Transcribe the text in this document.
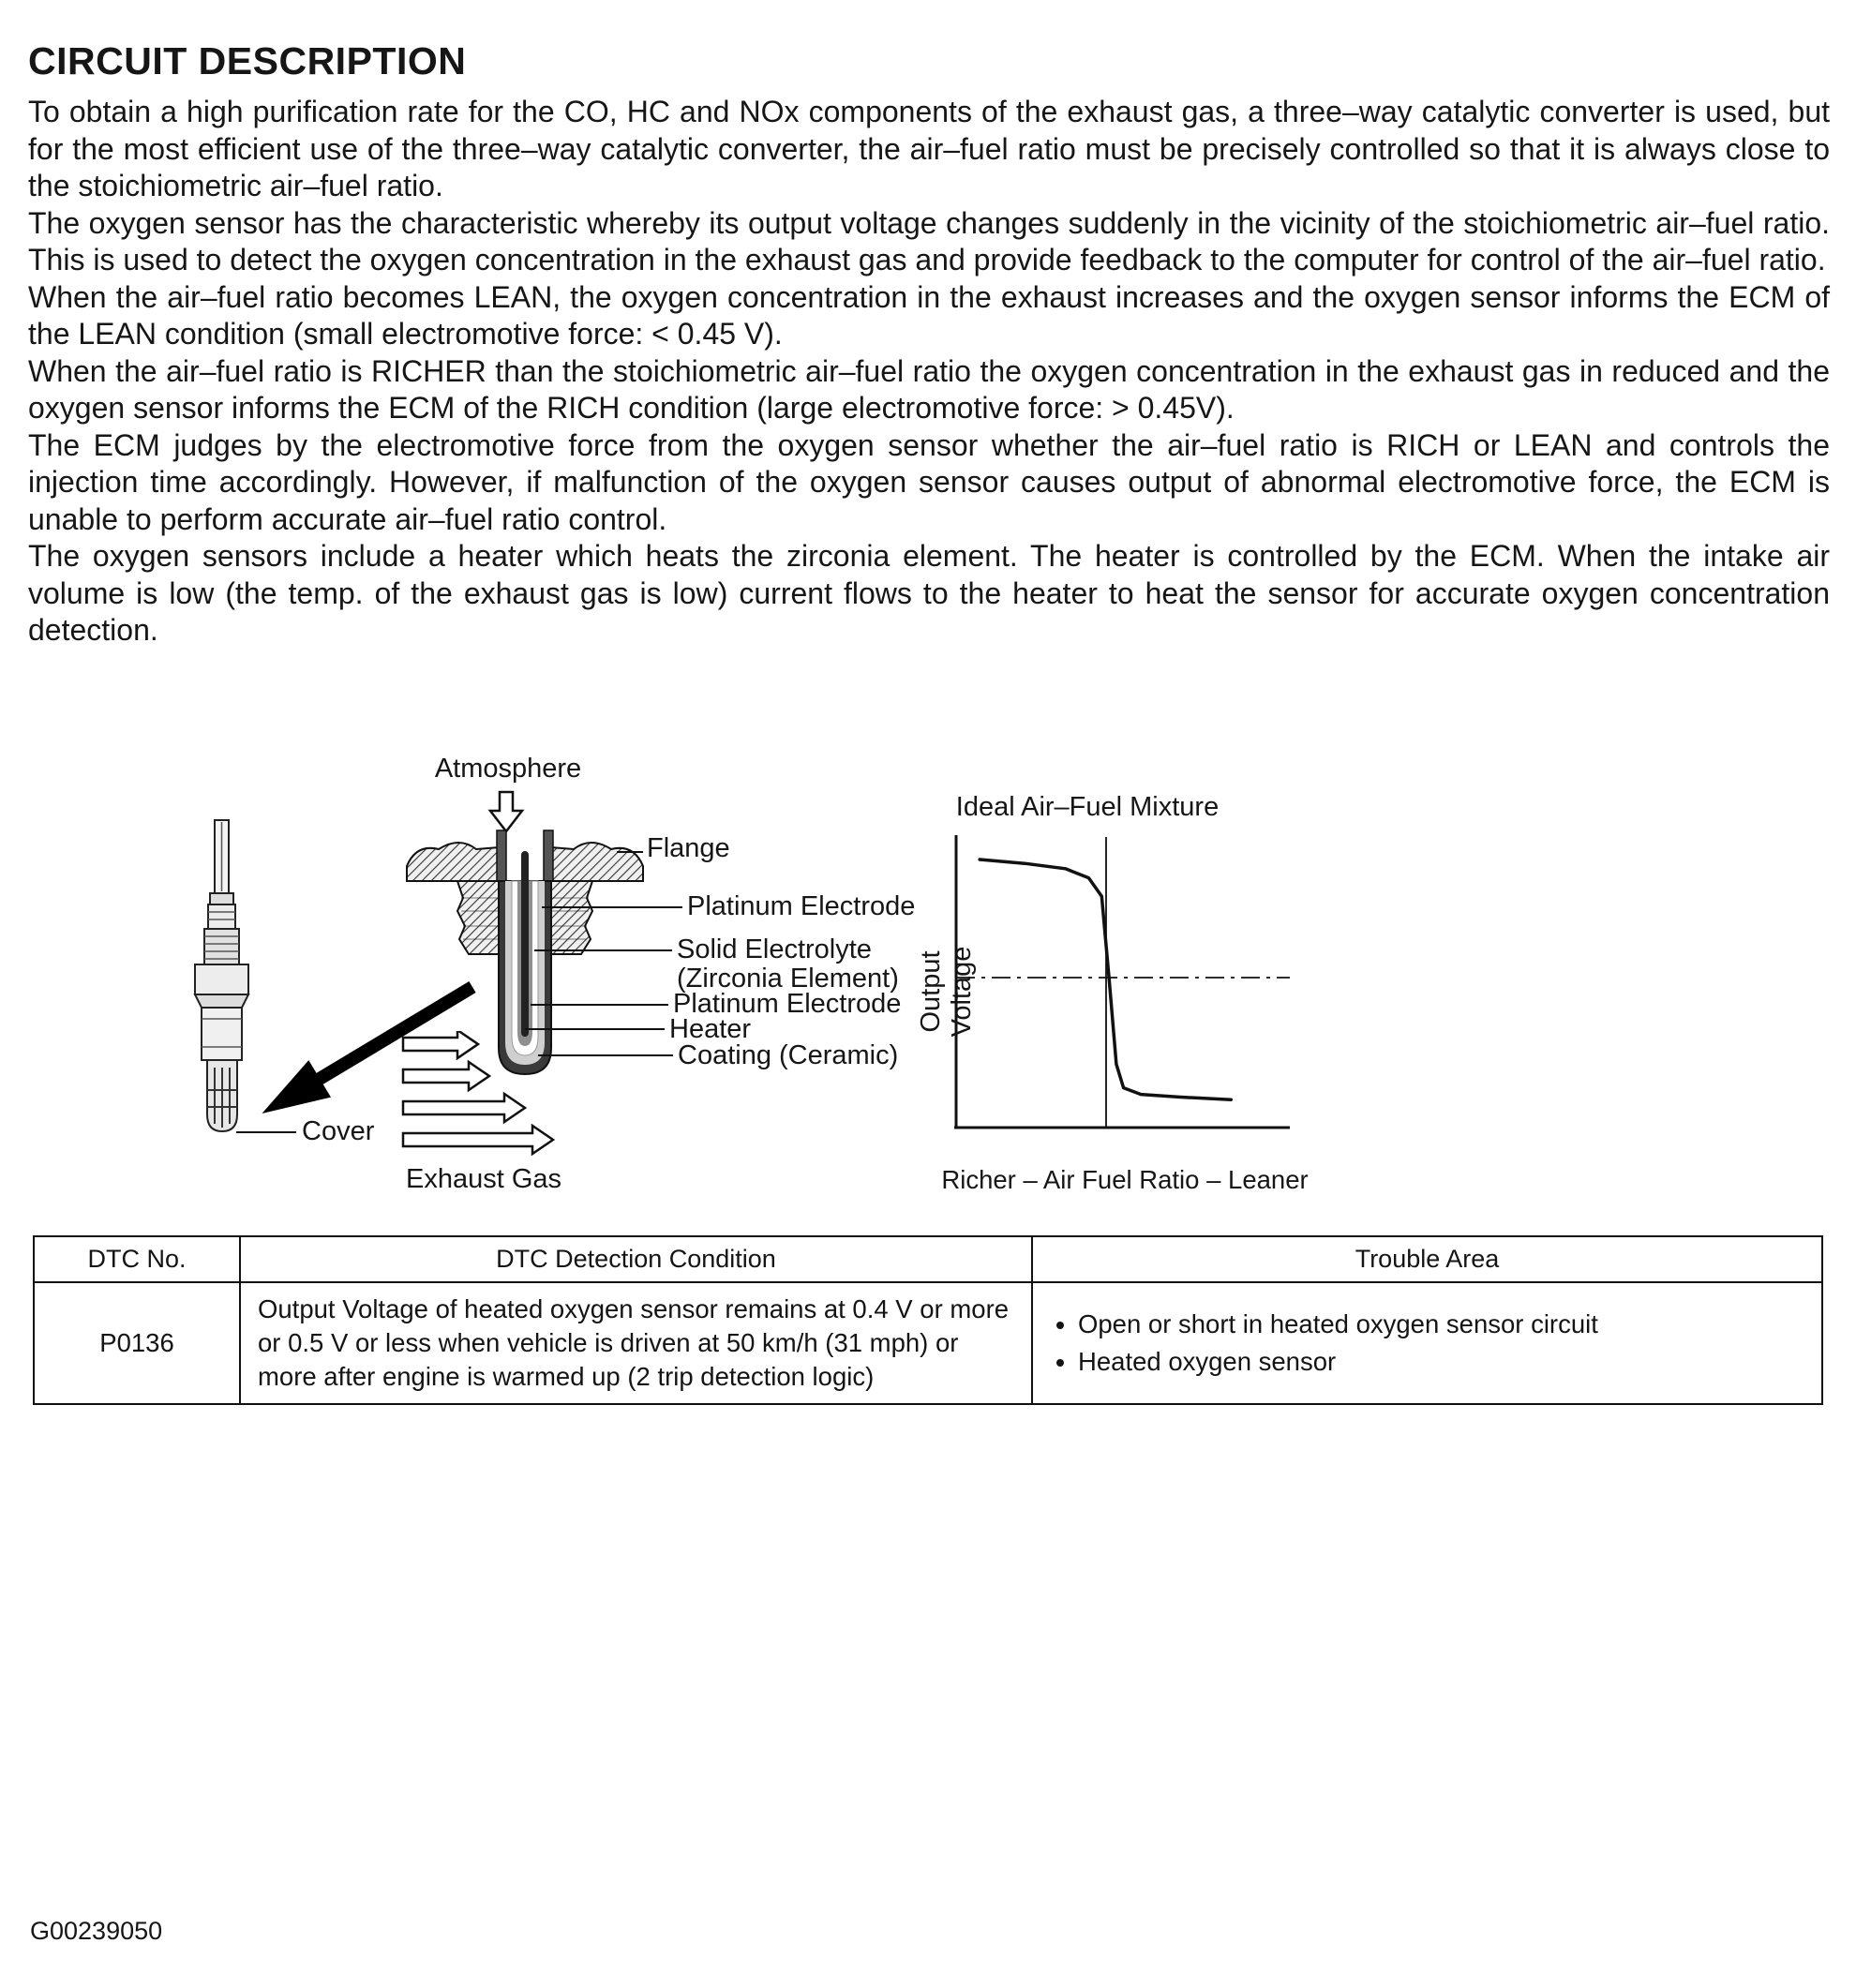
CIRCUIT DESCRIPTION

To obtain a high purification rate for the CO, HC and NOx components of the exhaust gas, a three–way catalytic converter is used, but for the most efficient use of the three–way catalytic converter, the air–fuel ratio must be precisely controlled so that it is always close to the stoichiometric air–fuel ratio.

The oxygen sensor has the characteristic whereby its output voltage changes suddenly in the vicinity of the stoichiometric air–fuel ratio. This is used to detect the oxygen concentration in the exhaust gas and provide feedback to the computer for control of the air–fuel ratio.

When the air–fuel ratio becomes LEAN, the oxygen concentration in the exhaust increases and the oxygen sensor informs the ECM of the LEAN condition (small electromotive force: < 0.45 V).

When the air–fuel ratio is RICHER than the stoichiometric air–fuel ratio the oxygen concentration in the exhaust gas in reduced and the oxygen sensor informs the ECM of the RICH condition (large electromotive force: > 0.45V).

The ECM judges by the electromotive force from the oxygen sensor whether the air–fuel ratio is RICH or LEAN and controls the injection time accordingly. However, if malfunction of the oxygen sensor causes output of abnormal electromotive force, the ECM is unable to perform accurate air–fuel ratio control.

The oxygen sensors include a heater which heats the zirconia element. The heater is controlled by the ECM. When the intake air volume is low (the temp. of the exhaust gas is low) current flows to the heater to heat the sensor for accurate oxygen concentration detection.

Atmosphere
Flange
Platinum Electrode
Solid Electrolyte
(Zirconia Element)
Platinum Electrode
Heater
Coating (Ceramic)
Cover
Exhaust Gas
Ideal Air–Fuel Mixture
Output Voltage
Richer – Air Fuel Ratio – Leaner
DTC No.	DTC Detection Condition	Trouble Area
P0136	Output Voltage of heated oxygen sensor remains at 0.4 V or more or 0.5 V or less when vehicle is driven at 50 km/h (31 mph) or more after engine is warmed up (2 trip detection logic)	
• Open or short in heated oxygen sensor circuit
• Heated oxygen sensor
G00239050
